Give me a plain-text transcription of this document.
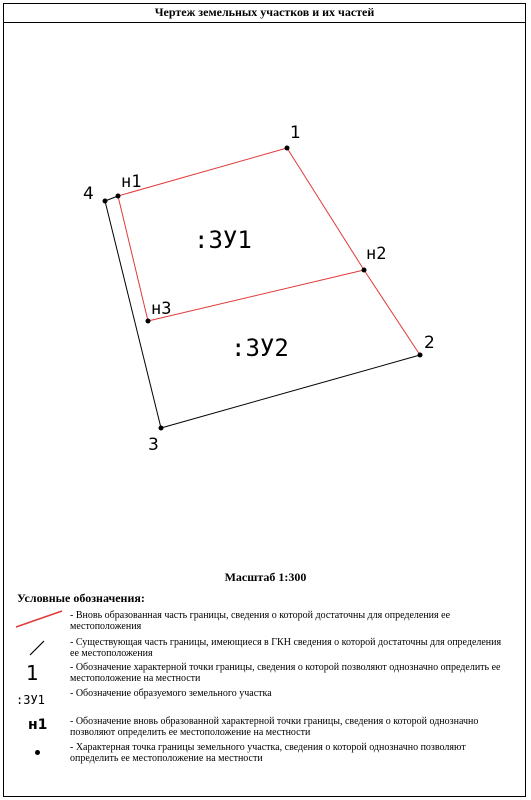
Чертеж земельных участков и их частей
1
2
3
4
н1
н2
н3
:ЗУ1
:ЗУ2
Масштаб 1:300
Условные обозначения:
- Вновь образованная часть границы, сведения о которой достаточны для определения ее местоположения
- Существующая часть границы, имеющиеся в ГКН сведения о которой достаточны для определения ее местоположения
1	- Обозначение характерной точки границы, сведения о которой позволяют однозначно определить ее местоположение на местности
:ЗУ1	- Обозначение образуемого земельного участка
н1	- Обозначение вновь образованной характерной точки границы, сведения о которой однозначно позволяют определить ее местоположение на местности
- Характерная точка границы земельного участка, сведения о которой однозначно позволяют определить ее местоположение на местности
